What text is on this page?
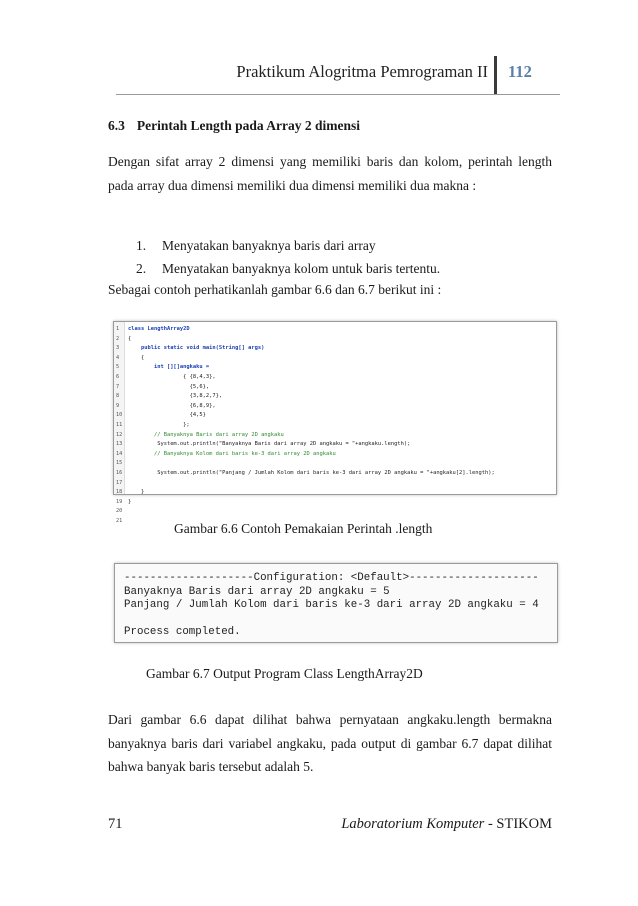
Praktikum Alogritma Pemrograman II 112
6.3 Perintah Length pada Array 2 dimensi
Dengan sifat array 2 dimensi yang memiliki baris dan kolom, perintah length pada array dua dimensi memiliki dua dimensi memiliki dua makna :
1. Menyatakan banyaknya baris dari array
2. Menyatakan banyaknya kolom untuk baris tertentu.
Sebagai contoh perhatikanlah gambar 6.6 dan 6.7 berikut ini :
1
2
3
4
5
6
7
8
9
10
11
12
13
14
15
16
17
18
19
20
21
class LengthArray2D
{
public static void main(String[] args)
{
int [][]angkaku =
{ {8,4,3},
{5,6},
{3,8,2,7},
{6,8,9},
{4,5}
};
// Banyaknya Baris dari array 2D angkaku
System.out.println("Banyaknya Baris dari array 2D angkaku = "+angkaku.length);
// Banyaknya Kolom dari baris ke-3 dari array 2D angkaku

System.out.println("Panjang / Jumlah Kolom dari baris ke-3 dari array 2D angkaku = "+angkaku[2].length);

}
}

Gambar 6.6 Contoh Pemakaian Perintah .length
--------------------Configuration: <Default>--------------------
Banyaknya Baris dari array 2D angkaku = 5
Panjang / Jumlah Kolom dari baris ke-3 dari array 2D angkaku = 4
Process completed.
Gambar 6.7 Output Program Class LengthArray2D
Dari gambar 6.6 dapat dilihat bahwa pernyataan angkaku.length bermakna banyaknya baris dari variabel angkaku, pada output di gambar 6.7 dapat dilihat bahwa banyak baris tersebut adalah 5.
71	Laboratorium Komputer - STIKOM
